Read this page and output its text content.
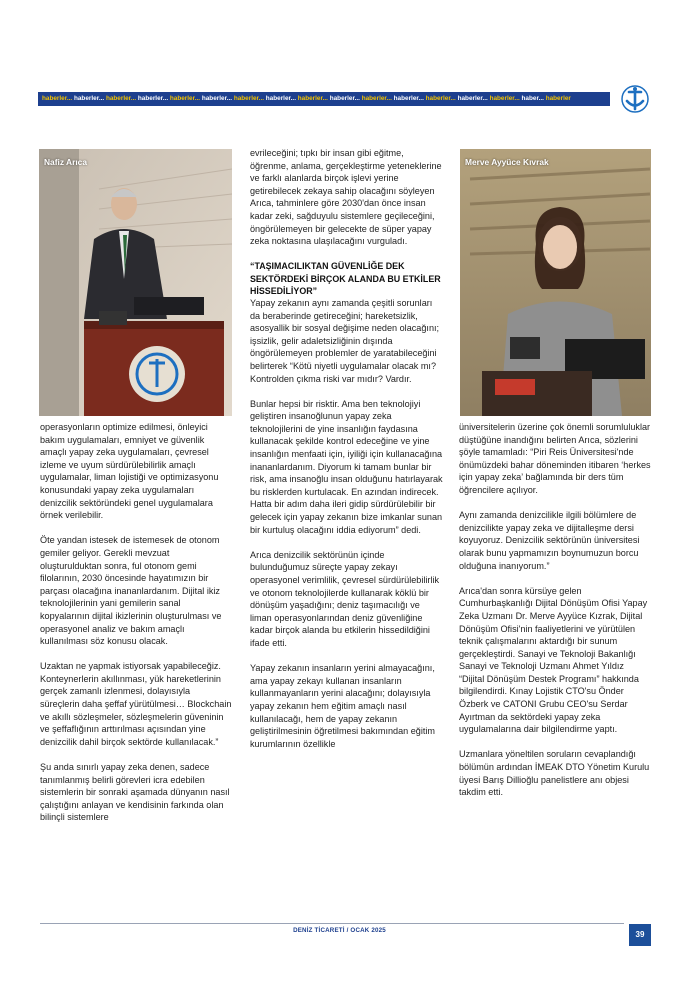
haberler... haberler... haberler... haberler... haberler... haberler... haberler... haberler... haberler... haberler... haberler... haberler... haberler... haberler... haberler... haber... haberler
Nafiz Arıca	Merve Ayyüce Kıvrak

operasyonların optimize edilmesi, önleyici bakım uygulamaları, emniyet ve güvenlik amaçlı yapay zeka uygulamaları, çevresel izleme ve uyum sürdürülebilirlik amaçlı uygulamalar, liman lojistiği ve optimizasyonu konusundaki yapay zeka uygulamaları denizcilik sektöründeki genel uygulamalara örnek verilebilir.

Öte yandan istesek de istemesek de otonom gemiler geliyor. Gerekli mevzuat oluşturulduktan sonra, ful otonom gemi filolarının, 2030 öncesinde hayatımızın bir parçası olacağına inananlardanım. Dijital ikiz teknolojilerinin yani gemilerin sanal kopyalarının dijital ikizlerinin oluşturulması ve operasyonel analiz ve bakım amaçlı kullanılması söz konusu olacak.

Uzaktan ne yapmak istiyorsak yapabileceğiz. Konteynerlerin akıllınması, yük hareketlerinin gerçek zamanlı izlenmesi, dolayısıyla süreçlerin daha şeffaf yürütülmesi… Blockchain ve akıllı sözleşmeler, sözleşmelerin güveninin ve şeffaflığının arttırılması açısından yine denizcilik dahil birçok sektörde kullanılacak.”

Şu anda sınırlı yapay zeka denen, sadece tanımlanmış belirli görevleri icra edebilen sistemlerin bir sonraki aşamada dünyanın nasıl çalıştığını anlayan ve kendisinin farkında olan bilinçli sistemlere

evrileceğini; tıpkı bir insan gibi eğitme, öğrenme, anlama, gerçekleştirme yeteneklerine ve farklı alanlarda birçok işlevi yerine getirebilecek zekaya sahip olacağını söyleyen Arıca, tahminlere göre 2030'dan önce insan kadar zeki, sağduyulu sistemlere geçileceğini, öngörülemeyen bir gelecekte de süper yapay zeka noktasına ulaşılacağını vurguladı.

“TAŞIMACILIKTAN GÜVENLİĞE DEK SEKTÖRDEKİ BİRÇOK ALANDA BU ETKİLER HİSSEDİLİYOR”

Yapay zekanın aynı zamanda çeşitli sorunları da beraberinde getireceğini; hareketsizlik, asosyallik bir sosyal değişime neden olacağını; işsizlik, gelir adaletsizliğinin dışında öngörülemeyen problemler de yaratabileceğini belirterek “Kötü niyetli uygulamalar olacak mı? Kontrolden çıkma riski var mıdır? Vardır.

Bunlar hepsi bir risktir. Ama ben teknolojiyi geliştiren insanoğlunun yapay zeka teknolojilerini de yine insanlığın faydasına kullanacak şekilde kontrol edeceğine ve yine insanlığın menfaati için, iyiliği için kullanacağına inananlardanım. Diyorum ki tamam bunlar bir risk, ama insanoğlu insan olduğunu hatırlayarak bu risklerden kurtulacak. En azından indirecek. Hatta bir adım daha ileri gidip sürdürülebilir bir gelecek için yapay zekanın bize imkanlar sunan bir kurtuluş olacağını iddia ediyorum” dedi.

Arıca denizcilik sektörünün içinde bulunduğumuz süreçte yapay zekayı operasyonel verimlilik, çevresel sürdürülebilirlik ve otonom teknolojilerde kullanarak köklü bir dönüşüm yaşadığını; deniz taşımacılığı ve liman operasyonlarından deniz güvenliğine kadar birçok alanda bu etkilerin hissedildiğini ifade etti.

Yapay zekanın insanların yerini almayacağını, ama yapay zekayı kullanan insanların kullanmayanların yerini alacağını; dolayısıyla yapay zekanın hem eğitim amaçlı nasıl kullanılacağı, hem de yapay zekanın geliştirilmesinin öğretilmesi bakımından eğitim kurumlarının özellikle

üniversitelerin üzerine çok önemli sorumluluklar düştüğüne inandığını belirten Arıca, sözlerini şöyle tamamladı: “Piri Reis Üniversitesi'nde önümüzdeki bahar döneminden itibaren ‘herkes için yapay zeka’ bağlamında bir ders tüm öğrencilere açılıyor.

Aynı zamanda denizcilikle ilgili bölümlere de denizcilikte yapay zeka ve dijitalleşme dersi koyuyoruz. Denizcilik sektörünün üniversitesi olarak bunu yapmamızın boynumuzun borcu olduğuna inanıyorum.”

Arıca'dan sonra kürsüye gelen Cumhurbaşkanlığı Dijital Dönüşüm Ofisi Yapay Zeka Uzmanı Dr. Merve Ayyüce Kızrak, Dijital Dönüşüm Ofisi'nin faaliyetlerini ve yürütülen teknik çalışmalarını aktardığı bir sunum gerçekleştirdi. Sanayi ve Teknoloji Bakanlığı Sanayi ve Teknoloji Uzmanı Ahmet Yıldız “Dijital Dönüşüm Destek Programı” hakkında bilgilendirdi. Kınay Lojistik CTO'su Önder Özberk ve CATONI Grubu CEO'su Serdar Ayırtman da sektördeki yapay zeka uygulamalarına dair bilgilendirme yaptı.

Uzmanlara yöneltilen soruların cevaplandığı bölümün ardından İMEAK DTO Yönetim Kurulu üyesi Barış Dillioğlu panelistlere anı objesi takdim etti.

DENİZ TİCARETİ / OCAK 2025	39
